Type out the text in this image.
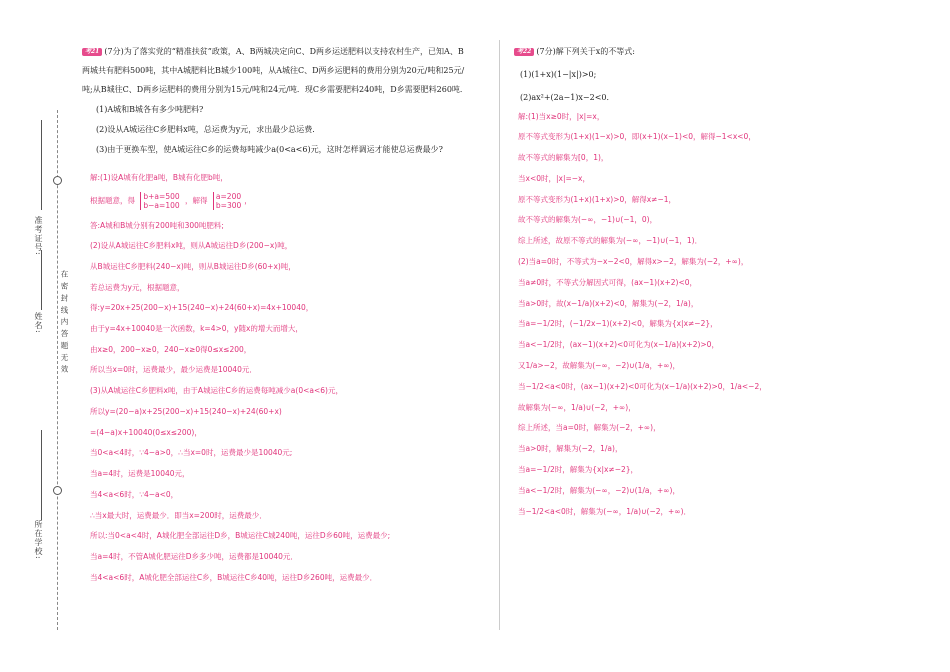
准考证号:
姓名: 在 密 封 线 内 答 题 无 效
所在学校:
考21 (7分)为了落实党的“精准扶贫”政策，A、B两城决定向C、D两乡运送肥料以支持农村生产，已知A、B
两城共有肥料500吨，其中A城肥料比B城少100吨，从A城往C、D两乡运肥料的费用分别为20元/吨和25元/
吨;从B城往C、D两乡运肥料的费用分别为15元/吨和24元/吨．现C乡需要肥料240吨，D乡需要肥料260吨．
(1)A城和B城各有多少吨肥料?
(2)设从A城运往C乡肥料x吨，总运费为y元，求出最少总运费．
(3)由于更换车型，使A城运往C乡的运费每吨减少a(0<a<6)元，这时怎样调运才能使总运费最少?
解:(1)设A城有化肥a吨，B城有化肥b吨，
根据题意，得 b+a=500
b−a=100 ，解得 a=200
b=300，
答:A城和B城分别有200吨和300吨肥料;
(2)设从A城运往C乡肥料x吨，则从A城运往D乡(200−x)吨，
从B城运往C乡肥料(240−x)吨，则从B城运往D乡(60+x)吨，
若总运费为y元，根据题意，
得:y=20x+25(200−x)+15(240−x)+24(60+x)=4x+10040，
由于y=4x+10040是一次函数，k=4>0，y随x的增大而增大，
由x≥0，200−x≥0，240−x≥0得0≤x≤200，
所以当x=0时，运费最少，最少运费是10040元．
(3)从A城运往C乡肥料x吨，由于A城运往C乡的运费每吨减少a(0<a<6)元，
所以y=(20−a)x+25(200−x)+15(240−x)+24(60+x)
=(4−a)x+10040(0≤x≤200)，
当0<a<4时，∵4−a>0，∴当x=0时，运费最少是10040元;
当a=4时，运费是10040元，
当4<a<6时，∵4−a<0，
∴当x最大时，运费最少．即当x=200时，运费最少．
所以:当0<a<4时，A城化肥全部运往D乡，B城运往C城240吨，运往D乡60吨，运费最少;
当a=4时，不管A城化肥运往D乡多少吨，运费都是10040元．
当4<a<6时，A城化肥全部运往C乡，B城运往C乡40吨，运往D乡260吨，运费最少．
考22 (7分)解下列关于x的不等式:
(1)(1+x)(1−|x|)>0;
(2)ax²+(2a−1)x−2<0．
解:(1)当x≥0时，|x|=x，
原不等式变形为(1+x)(1−x)>0，即(x+1)(x−1)<0，解得−1<x<0，
故不等式的解集为[0，1)，
当x<0时，|x|=−x，
原不等式变形为(1+x)(1+x)>0，解得x≠−1，
故不等式的解集为(−∞，−1)∪(−1，0)，
综上所述，故原不等式的解集为(−∞，−1)∪(−1，1)．
(2)当a=0时，不等式为−x−2<0，解得x>−2，解集为(−2，+∞)，
当a≠0时，不等式分解因式可得，(ax−1)(x+2)<0，
当a>0时，故(x−1/a)(x+2)<0，解集为(−2，1/a)，
当a=−1/2时，(−1/2x−1)(x+2)<0，解集为{x|x≠−2}，
当a<−1/2时，(ax−1)(x+2)<0可化为(x−1/a)(x+2)>0，
又1/a>−2，故解集为(−∞，−2)∪(1/a，+∞)，
当−1/2<a<0时，(ax−1)(x+2)<0可化为(x−1/a)(x+2)>0，1/a<−2，
故解集为(−∞，1/a)∪(−2，+∞)，
综上所述，当a=0时，解集为(−2，+∞)，
当a>0时，解集为(−2，1/a)，
当a=−1/2时，解集为{x|x≠−2}，
当a<−1/2时，解集为(−∞，−2)∪(1/a，+∞)，
当−1/2<a<0时，解集为(−∞，1/a)∪(−2，+∞)．
